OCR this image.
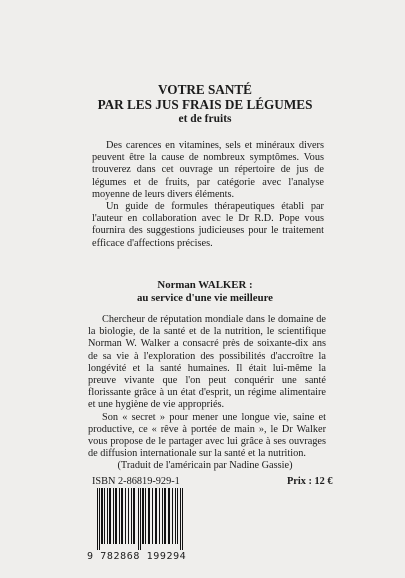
VOTRE SANTÉ
PAR LES JUS FRAIS DE LÉGUMES
et de fruits

Des carences en vitamines, sels et minéraux divers peuvent être la cause de nombreux symptômes. Vous trouverez dans cet ouvrage un répertoire de jus de légumes et de fruits, par catégorie avec l'analyse moyenne de leurs divers éléments.

Un guide de formules thérapeutiques établi par l'auteur en collaboration avec le Dr R.D. Pope vous fournira des suggestions judicieuses pour le traitement efficace d'affections précises.

Norman WALKER :
au service d'une vie meilleure

Chercheur de réputation mondiale dans le domaine de la biologie, de la santé et de la nutrition, le scientifique Norman W. Walker a consacré près de soixante-dix ans de sa vie à l'exploration des possibilités d'accroître la longévité et la santé humaines. Il était lui-même la preuve vivante que l'on peut conquérir une santé florissante grâce à un état d'esprit, un régime alimentaire et une hygiène de vie appropriés.

Son « secret » pour mener une longue vie, saine et productive, ce « rêve à portée de main », le Dr Walker vous propose de le partager avec lui grâce à ses ouvrages de diffusion internationale sur la santé et la nutrition.

(Traduit de l'américain par Nadine Gassie)
ISBN 2-86819-929-1	Prix : 12 €
9 782868 199294
